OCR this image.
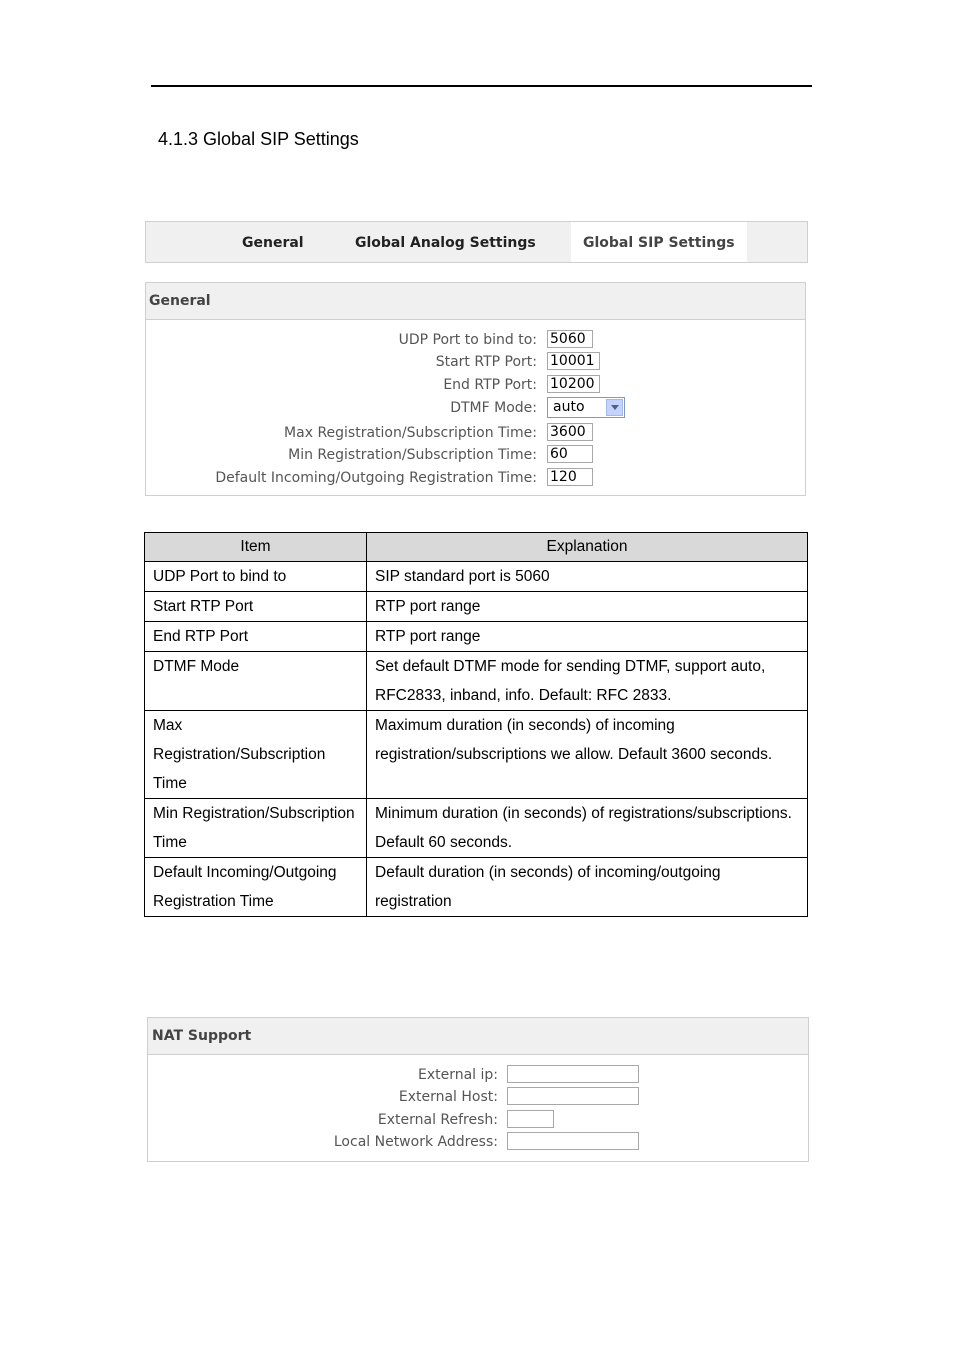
4.1.3 Global SIP Settings
General	Global Analog Settings	Global SIP Settings
General
UDP Port to bind to: 5060
Start RTP Port: 10001
End RTP Port: 10200
DTMF Mode:	auto
Max Registration/Subscription Time: 3600
Min Registration/Subscription Time: 60
Default Incoming/Outgoing Registration Time: 120
Item	Explanation
UDP Port to bind to	SIP standard port is 5060
Start RTP Port	RTP port range
End RTP Port	RTP port range
DTMF Mode	Set default DTMF mode for sending DTMF, support auto, RFC2833, inband, info. Default: RFC 2833.
Max Registration/Subscription Time	Maximum duration (in seconds) of incoming registration/subscriptions we allow. Default 3600 seconds.
Min Registration/Subscription Time	Minimum duration (in seconds) of registrations/subscriptions. Default 60 seconds.
Default Incoming/Outgoing Registration Time	Default duration (in seconds) of incoming/outgoing registration
NAT Support
External ip:
External Host:
External Refresh:
Local Network Address:
